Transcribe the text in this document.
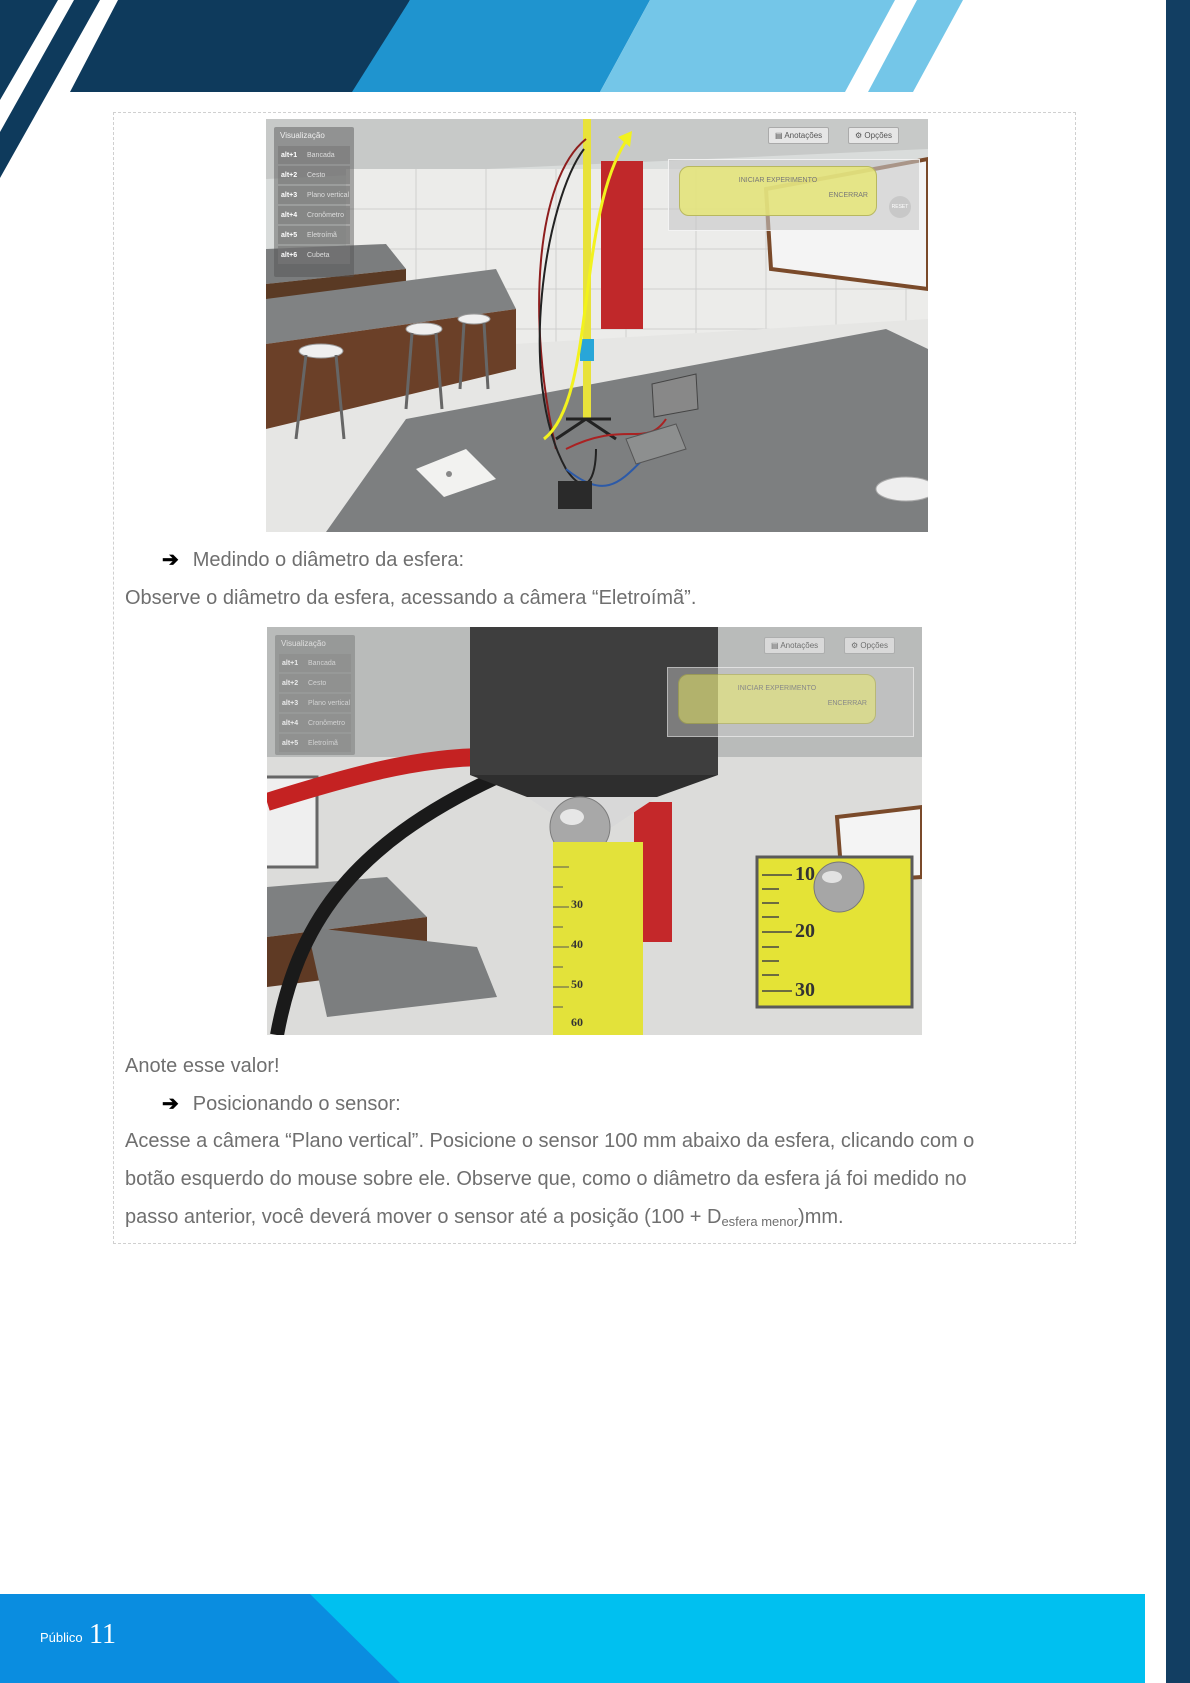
Visualização
alt+1	Bancada
alt+2	Cesto
alt+3	Plano vertical
alt+4	Cronômetro
alt+5	Eletroímã
alt+6	Cubeta
▤ Anotações	⚙ Opções
INICIAR EXPERIMENTO
ENCERRAR
RESET
➔ Medindo o diâmetro da esfera:
Observe o diâmetro da esfera, acessando a câmera “Eletroímã”.
30
40
50
60
10
20
30
Visualização
alt+1	Bancada
alt+2	Cesto
alt+3	Plano vertical
alt+4	Cronômetro
alt+5	Eletroímã
▤ Anotações	⚙ Opções
INICIAR EXPERIMENTO
ENCERRAR
Anote esse valor!
➔ Posicionando o sensor:
Acesse a câmera “Plano vertical”. Posicione o sensor 100 mm abaixo da esfera, clicando com o
botão esquerdo do mouse sobre ele. Observe que, como o diâmetro da esfera já foi medido no
passo anterior, você deverá mover o sensor até a posição (100 + Desfera menor)mm.
Público 11
